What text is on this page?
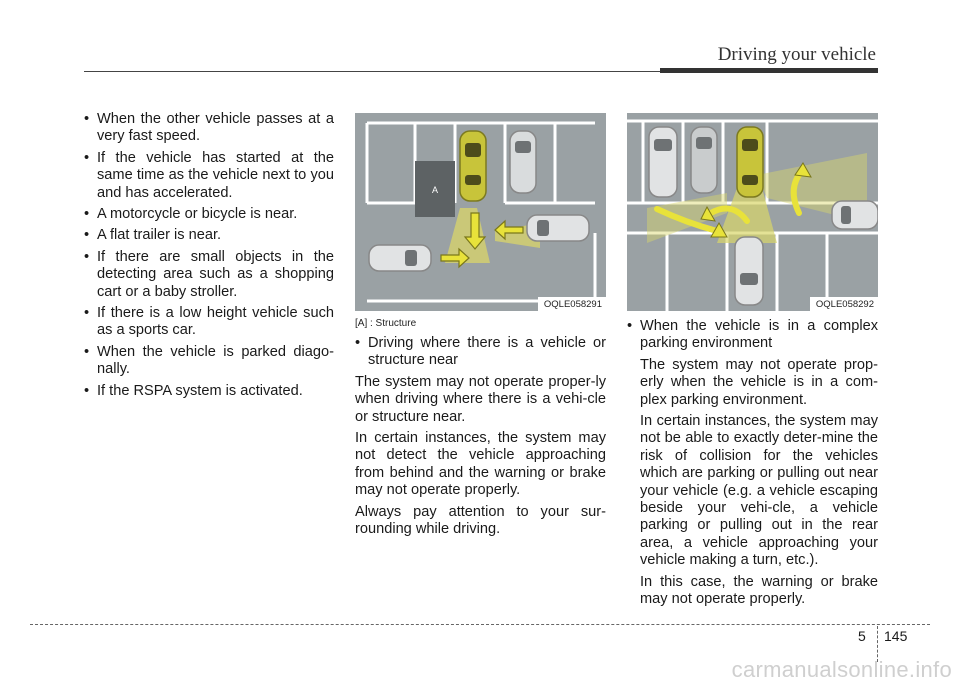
Driving your vehicle
• When the other vehicle passes at a very fast speed.
• If the vehicle has started at the same time as the vehicle next to you and has accelerated.
• A motorcycle or bicycle is near.
• A flat trailer is near.
• If there are small objects in the detecting area such as a shopping cart or a baby stroller.
• If there is a low height vehicle such as a sports car.
• When the vehicle is parked diago-nally.
• If the RSPA system is activated.
A
OQLE058291	OQLE058292

[A] : Structure

• Driving where there is a vehicle or structure near

The system may not operate proper-ly when driving where there is a vehi-cle or structure near.

In certain instances, the system may not detect the vehicle approaching from behind and the warning or brake may not operate properly.

Always pay attention to your sur-rounding while driving.

• When the vehicle is in a complex parking environment

The system may not operate prop-erly when the vehicle is in a com-plex parking environment.

In certain instances, the system may not be able to exactly deter-mine the risk of collision for the vehicles which are parking or pulling out near your vehicle (e.g. a vehicle escaping beside your vehi-cle, a vehicle parking or pulling out in the rear area, a vehicle approaching your vehicle making a turn, etc.).

In this case, the warning or brake may not operate properly.

5 145
carmanualsonline.info
